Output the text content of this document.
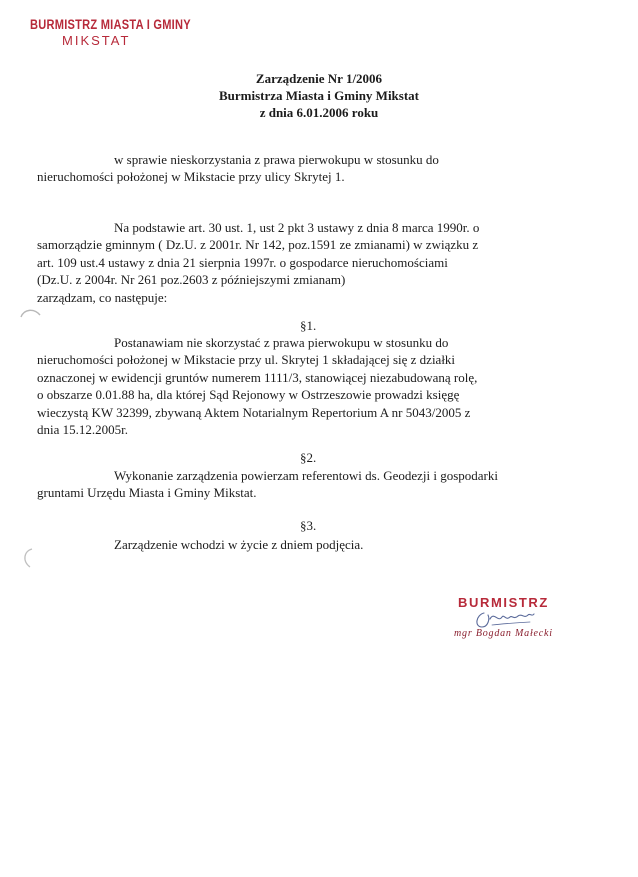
BURMISTRZ MIASTA I GMINY
MIKSTAT
Zarządzenie Nr 1/2006
Burmistrza Miasta i Gminy Mikstat
z dnia 6.01.2006 roku
w sprawie nieskorzystania z prawa pierwokupu w stosunku do
nieruchomości położonej w Mikstacie przy ulicy Skrytej 1.
Na podstawie art. 30 ust. 1, ust 2 pkt 3 ustawy z dnia 8 marca 1990r. o
samorządzie gminnym ( Dz.U. z 2001r. Nr 142, poz.1591 ze zmianami) w związku z
art. 109 ust.4 ustawy z dnia 21 sierpnia 1997r. o gospodarce nieruchomościami
(Dz.U. z 2004r. Nr 261 poz.2603 z późniejszymi zmianam)
zarządzam, co następuje:
§1.
Postanawiam nie skorzystać z prawa pierwokupu w stosunku do
nieruchomości położonej w Mikstacie przy ul. Skrytej 1 składającej się z działki
oznaczonej w ewidencji gruntów numerem 1111/3, stanowiącej niezabudowaną rolę,
o obszarze 0.01.88 ha, dla której Sąd Rejonowy w Ostrzeszowie prowadzi księgę
wieczystą KW 32399, zbywaną Aktem Notarialnym Repertorium A nr 5043/2005 z
dnia 15.12.2005r.
§2.
Wykonanie zarządzenia powierzam referentowi ds. Geodezji i gospodarki
gruntami Urzędu Miasta i Gminy Mikstat.
§3.
Zarządzenie wchodzi w życie z dniem podjęcia.
BURMISTRZ
mgr Bogdan Małecki
